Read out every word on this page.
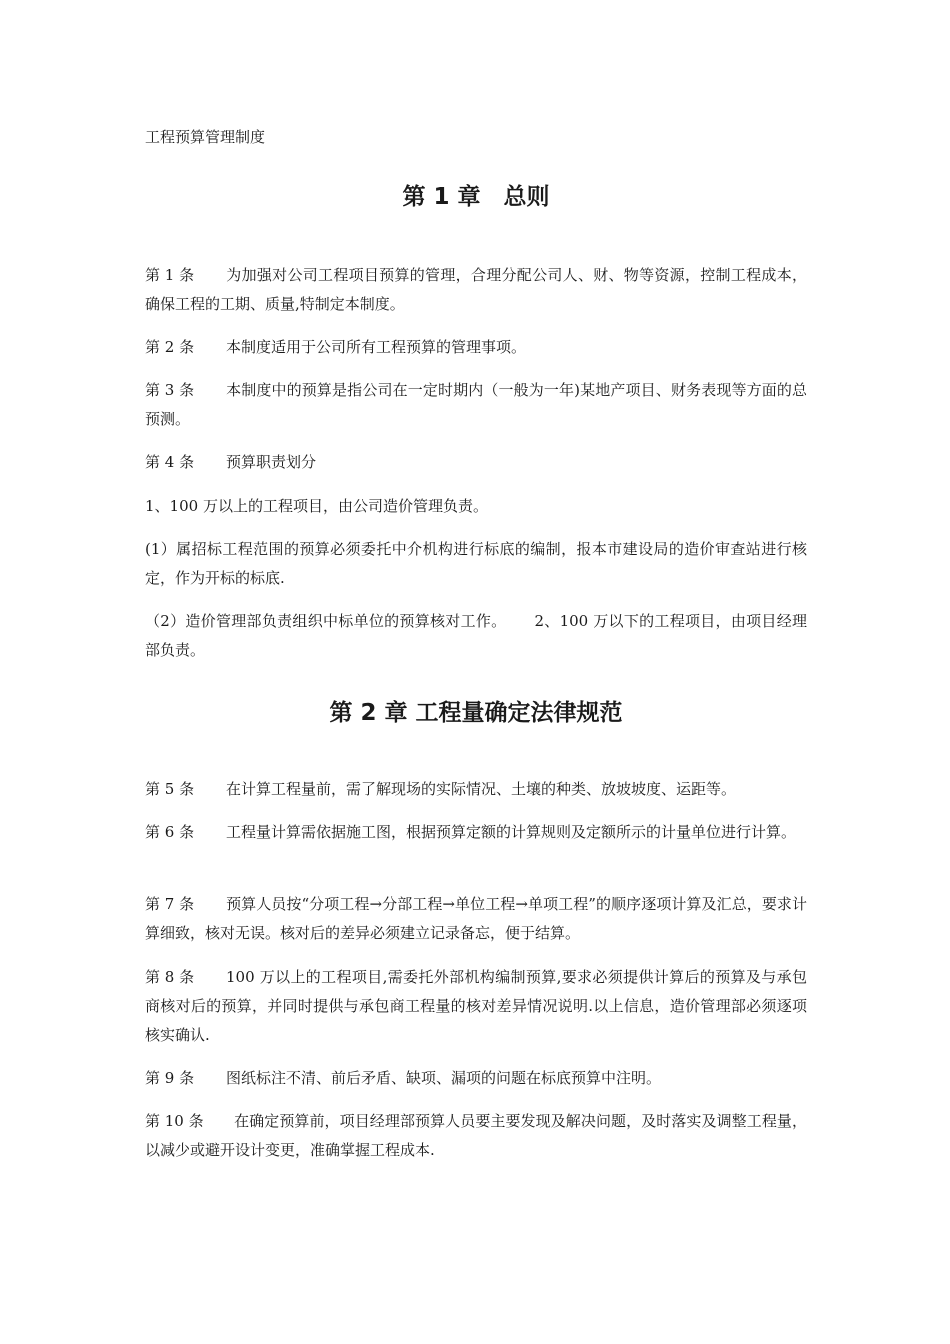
工程预算管理制度
第 1 章　总则
第 1 条 为加强对公司工程项目预算的管理，合理分配公司人、财、物等资源，控制工程成本，确保工程的工期、质量,特制定本制度。
第 2 条 本制度适用于公司所有工程预算的管理事项。
第 3 条 本制度中的预算是指公司在一定时期内（一般为一年)某地产项目、财务表现等方面的总预测。
第 4 条 预算职责划分
1、100 万以上的工程项目，由公司造价管理负责。
(1）属招标工程范围的预算必须委托中介机构进行标底的编制，报本市建设局的造价审查站进行核定，作为开标的标底.
（2）造价管理部负责组织中标单位的预算核对工作。 2、100 万以下的工程项目，由项目经理部负责。
第 2 章 工程量确定法律规范
第 5 条 在计算工程量前，需了解现场的实际情况、土壤的种类、放坡坡度、运距等。
第 6 条 工程量计算需依据施工图，根据预算定额的计算规则及定额所示的计量单位进行计算。
第 7 条 预算人员按“分项工程→分部工程→单位工程→单项工程”的顺序逐项计算及汇总，要求计算细致，核对无误。核对后的差异必须建立记录备忘，便于结算。
第 8 条 100 万以上的工程项目,需委托外部机构编制预算,要求必须提供计算后的预算及与承包商核对后的预算，并同时提供与承包商工程量的核对差异情况说明.以上信息，造价管理部必须逐项核实确认.
第 9 条 图纸标注不清、前后矛盾、缺项、漏项的问题在标底预算中注明。
第 10 条 在确定预算前，项目经理部预算人员要主要发现及解决问题，及时落实及调整工程量，以减少或避开设计变更，准确掌握工程成本.
